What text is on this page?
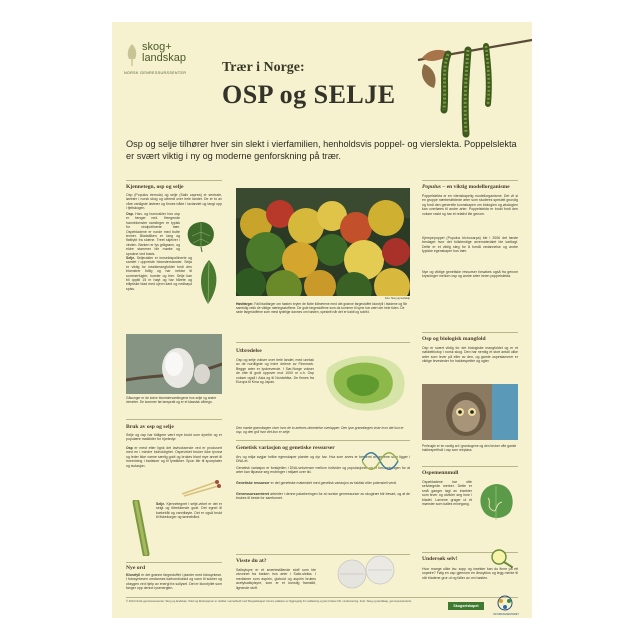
skog+
landskap
NORSK GENRESSURSSENTER	Trær i Norge:
OSP og SELJE
Osp og selje tilhører hver sin slekt i vierfamilien, henholdsvis poppel- og vierslekta. Poppelslekta er svært viktig i ny og moderne genforskning på trær.
Kjennetegn, osp og selje
Osp (Populus tremula) og selje (Salix caprea) er sentrale, løvtrær i norsk skog og utbredt over hele landet. De er to av våre vanligste løvtrær og finnes både i lavlandet og langt opp i fjellskogen.
Osp. Han- og hunnrakler hos osp er henger ned. Hengende hannblomster samlinger er typisk for vindpollinerte trær. Ospebladene er runde med butte tenner. Bladstilken er lang og flattrykt fra sidene. Treet skjelver i vinden. Barken er lys grågrønn, og eldre stammer blir mørke og sprukne ved basis.
Selje. Seljerakler er innsektspollinerte og samlet i oppreiste blomsterstander. Selja er viktig for insektmangfoldet fordi den blomstrer tidlig og har nektar til sommerfugler, humler og bier. Selje kan bli opptil 15 m høyt og har hårete og elliptiske blad med ujevn kant og nedbøyd spiss.
Gåsunger er de lodne blomstersamlingene hos selje og andre vierarter. De kommer før løvspratt og er et klassisk vårtegn.
Bruk av osp og selje
Selje og osp har tidligere vært mye brukt som dyrefôr og er populære matkilder for hjortedyr.
Osp er mest etter lignk det lavtvoksende ved er produsert med en i mindre bioholdighet. Ospevirket bruker ikke tynnrø og leder ikke varme særlig godt og brukes blant mye annet til innredning i badstuer og til fyrstikker. Spon blir til sponplater og isolasjon.
Selje. Kjennetegnet i selje-virket er det er seigt og tiltrekkende godt. Det egnet til barkebåt og vannfløyte. Det er også brukt til fiskekorger og tønnebånd.
Nye ord
Klorofyll er det grønne fargestoffet i planter med fotosyntese. I fotosyntesen omdannes karbondioksid og vann til sukker og oksygen ved hjelp av energi fra sollyset. Det er klorofyllet som fanger opp denne lysenergien.
Foto: Skog og landskap
Høstfarger. Fall bladfarger om høsten bryter de flotte lidtrærene med det grønne fargestoffet klorofyll i bladene og får samtidig vekk de viktige næringsstoffene. De gule fargestoffene som da kommer til syne har vært der hele tiden. De røde fargestoffene som mest tydelige dannes om høsten, spesielt når det er kaldt og solrikt.
Utbredelse
Osp og selje vokser over hele landet, med unntak av de nordligste og indre delene av Finnmark. Begge arter er lyskrevende. I Sør-Norge vokser de ofte til godt oppover mot 1000 m o.h. Osp vokser også i Asia og til Nordafrika. De finnes fra Europa til Kina og Japan.
Den mørke grønnfargen viser hvor de to artenes utbredelse overlapper. Den lyse grønnfargen viser hvor det kun er osp, og den grå hvor det kun er selje.
Genetisk variasjon og genetiske ressurser
Arv og miljø avgjør hvilke egenskaper planter og dyr har. Hva som arves er bestemt av genene som ligger i DNA-et.
Genetisk variasjon er forskjellen i DNA-sekvenser mellom individer og populasjoner og er forutsetningen for at arter kan tilpasse seg endringer i miljøet over tid.
Genetiske ressurser er det genetiske materialet med genetisk variasjon av faktisk eller potensiell verdi.
Genressurssenteret arbeider i denne palarkeringen for at norske genressurser av skogtrær blir bevart, og at de brukes til beste for samfunnet.
Visste du at?
Salisylsyre er et smertestillende stoff som ble utvunnet fra barken hos arter i Salix-slekta. I medisiner som aspirin, globoid og aspirin brukes acetylsalisylsyre, som er et kunstig framstilt, lignende stoff.
Populus – en viktig modellorganisme
Poppelslekta er en vitenskapelig modellorganisme. Det vil si en gruppe nærbeslektede arter som studeres spesielt grundig og fordi den generelle kunnskapen om biologien og økologien kan overføres til andre arter. Poppelslekta er brukt fordi den vokser raskt og har et relativt lite genom.
Kjempepoppel (Populus trichocarpa) ble i 2006 det første treslaget hvor det fullstendige arvematerialet ble kartlagt. Dette er et viktig steg for å forstå vedannelse og andre typiske egenskaper hos trær.
Nye og viktige genetiske ressurser forsøkes også fra genom krysninger mellom osp og andre arter innen poppelslekta.
Osp og biologisk mangfold
Osp er svært viktig for det biologiske mangfoldet og er et nøkkelbiotop i norsk skog. Den har nemlig et stort antall ulike arter som lever på eller av den, og gamle ospestammer er viktige levesteder for hakkespetter og ugler.
Perleugle er en vanlig art i grankogene og den bruker ofte gamle hakkespetthull i osp som reirplass.
Ospemennmull
Ospebladene har ofte selvfargede merker. Dette er små ganger lagt av insekter som lever og utvikler seg inne i bladet. Larvene grager ut et mønster som kalles minegang.
Undersøk selv!
Hvor mange ulike lav, sopp og insekter kan du finne på ett ospetre? Følg en osp gjennom en årssyklus og legg merke til når bladene gror ut og faller av om høsten.
© 2014 Norsk genressurssenter. Skog og landskap. Tekst og illustrasjoner er utviklet i samarbeid med Skogselskapet. Denne plakaten er tilgjengelig for nedlasting og kan brukes fritt i undervisning. Foto: Skog og landskap, genressursenteret.
Skogselskapet
NATURFAGSENTERET
